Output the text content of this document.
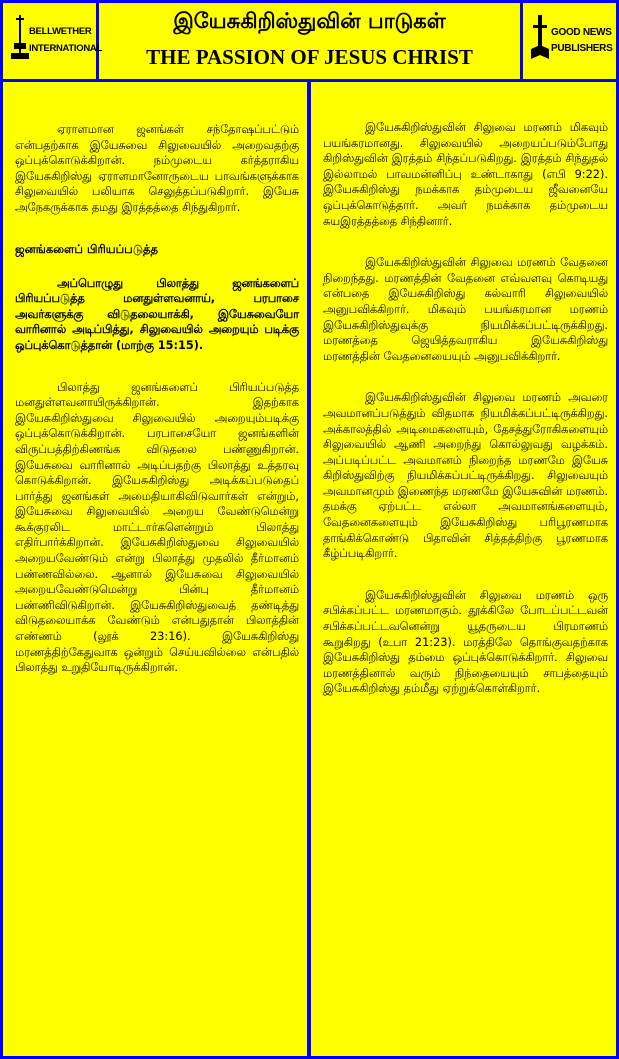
BELLWETHER
INTERNATIONAL
இயேசுகிறிஸ்துவின் பாடுகள்
THE PASSION OF JESUS CHRIST
GOOD NEWS
PUBLISHERS

ஏராளமான ஜனங்கள் சந்தோஷப்பட்டும் என்பதற்காக இயேசுவை சிலுவையில் அறைவதற்கு ஒப்புக்கொடுக்கிறான். நம்முடைய கர்த்தராகிய இயேசுகிறிஸ்து ஏராளமானோருடைய பாவங்களுக்காக சிலுவையில் பலியாக செலுத்தப்படுகிறார். இயேசு அநேகருக்காக தமது இரத்தத்தை சிந்துகிறார்.

ஜனங்களைப் பிரியப்படுத்த

அப்பொழுது பிலாத்து ஜனங்களைப் பிரியப்படுத்த மனதுள்ளவனாய், பரபாசை அவர்களுக்கு விடுதலையாக்கி, இயேசுவையோ வாரினால் அடிப்பித்து, சிலுவையில் அறையும் படிக்கு ஒப்புக்கொடுத்தான் (மாற்கு 15:15).

பிலாத்து ஜனங்களைப் பிரியப்படுத்த மனதுள்ளவனாயிருக்கிறான். இதற்காக இயேசுகிறிஸ்துவை சிலுவையில் அறையும்படிக்கு ஒப்புக்கொடுக்கிறான். பரபாசையோ ஜனங்களின் விருப்பத்திற்கிணங்க விடுதலை பண்ணுகிறான். இயேசுவை வாரினால் அடிப்பதற்கு பிலாத்து உத்தரவு கொடுக்கிறான். இயேசுகிறிஸ்து அடிக்கப்படுதைப் பார்த்து ஜனங்கள் அமைதியாகிவிடுவார்கள் என்றும், இயேசுவை சிலுவையில் அறைய வேண்டுமென்று கூக்குரலிட மாட்டார்களென்றும் பிலாத்து எதிர்பார்க்கிறான். இயேசுகிறிஸ்துவை சிலுவையில் அறையவேண்டும் என்று பிலாத்து முதலில் தீர்மானம் பண்ணவில்லை. ஆனால் இயேசுவை சிலுவையில் அறையவேண்டுமென்று பின்பு தீர்மானம் பண்ணிவிடுகிறான். இயேசுகிறிஸ்துவைத் தண்டித்து விடுதலையாக்க வேண்டும் என்பதுதான் பிலாத்தின் எண்ணம் (லூக் 23:16). இயேசுகிறிஸ்து மரணத்திற்கேதுவாக ஒன்றும் செய்யவில்லை என்பதில் பிலாத்து உறுதியோடிருக்கிறான்.

இயேசுகிறிஸ்துவின் சிலுவை மரணம் மிகவும் பயங்கரமானது. சிலுவையில் அறையப்படும்போது கிறிஸ்துவின் இரத்தம் சிந்தப்படுகிறது. இரத்தம் சிந்துதல் இல்லாமல் பாவமன்னிப்பு உண்டாகாது (எபி 9:22). இயேசுகிறிஸ்து நமக்காக தம்முடைய ஜீவனையே ஒப்புக்கொடுத்தார். அவர் நமக்காக தம்முடைய சுயஇரத்தத்தை சிந்தினார்.

இயேசுகிறிஸ்துவின் சிலுவை மரணம் வேதனை நிறைந்தது. மரணத்தின் வேதனை எவ்வளவு கொடியது என்பதை இயேசுகிறிஸ்து கல்வாரி சிலுவையில் அனுபவிக்கிறார். மிகவும் பயங்கரமான மரணம் இயேசுகிறிஸ்துவுக்கு நியமிக்கப்பட்டிருக்கிறது. மரணத்தை ஜெயித்தவராகிய இயேசுகிறிஸ்து மரணத்தின் வேதனையையும் அனுபவிக்கிறார்.

இயேசுகிறிஸ்துவின் சிலுவை மரணம் அவரை அவமானப்படுத்தும் விதமாக நியமிக்கப்பட்டிருக்கிறது. அக்காலத்தில் அடிமைகளையும், தேசத்துரோகிகளையும் சிலுவையில் ஆணி அறைந்து கொல்லுவது வழக்கம். அப்படிப்பட்ட அவமானம் நிறைந்த மரணமே இயேசு கிறிஸ்துவிற்கு நியமிக்கப்பட்டிருக்கிறது. சிலுவையும் அவமானமும் இணைந்த மரணமே இயேசுவின் மரணம். தமக்கு ஏற்பட்ட எல்லா அவமானங்களையும், வேதனைகளையும் இயேசுகிறிஸ்து பரிபூரணமாக தாங்கிக்கொண்டு பிதாவின் சித்தத்திற்கு பூரணமாக கீழ்ப்படிகிறார்.

இயேசுகிறிஸ்துவின் சிலுவை மரணம் ஒரு சபிக்கப்பட்ட மரணமாகும். தூக்கிலே போடப்பட்டவன் சபிக்கப்பட்டவனென்று யூதருடைய பிரமாணம் கூறுகிறது (உபா 21:23). மரத்திலே தொங்குவதற்காக இயேசுகிறிஸ்து தம்மை ஒப்புக்கொடுக்கிறார். சிலுவை மரணத்தினால் வரும் நிந்தையையும் சாபத்தையும் இயேசுகிறிஸ்து தம்மீது ஏற்றுக்கொள்கிறார்.
